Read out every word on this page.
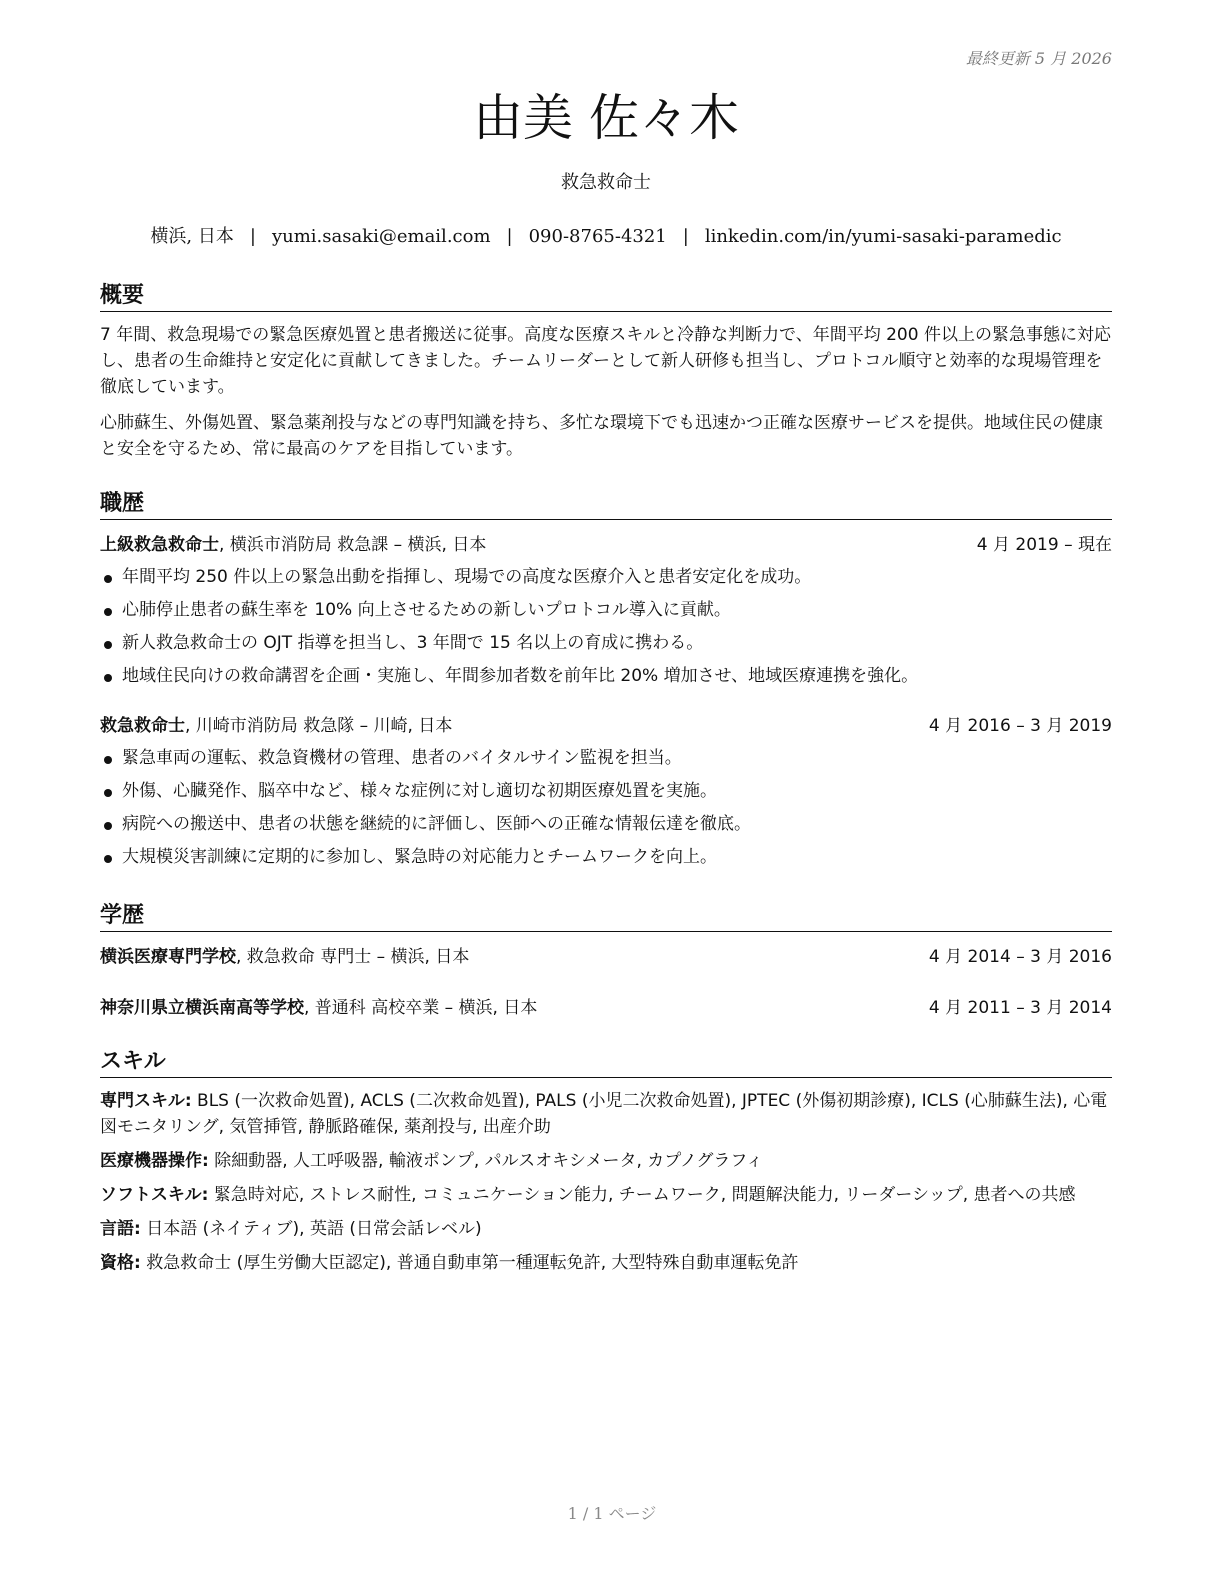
最終更新 5 月 2026
由美 佐々木
救急救命士
横浜, 日本 | yumi.sasaki@email.com | 090-8765-4321 | linkedin.com/in/yumi-sasaki-paramedic
概要

7 年間、救急現場での緊急医療処置と患者搬送に従事。高度な医療スキルと冷静な判断力で、年間平均 200 件以上の緊急事態に対応し、患者の生命維持と安定化に貢献してきました。チームリーダーとして新人研修も担当し、プロトコル順守と効率的な現場管理を徹底しています。

心肺蘇生、外傷処置、緊急薬剤投与などの専門知識を持ち、多忙な環境下でも迅速かつ正確な医療サービスを提供。地域住民の健康と安全を守るため、常に最高のケアを目指しています。

職歴
上級救急救命士, 横浜市消防局 救急課 – 横浜, 日本	4 月 2019 – 現在
年間平均 250 件以上の緊急出動を指揮し、現場での高度な医療介入と患者安定化を成功。
心肺停止患者の蘇生率を 10% 向上させるための新しいプロトコル導入に貢献。
新人救急救命士の OJT 指導を担当し、3 年間で 15 名以上の育成に携わる。
地域住民向けの救命講習を企画・実施し、年間参加者数を前年比 20% 増加させ、地域医療連携を強化。
救急救命士, 川崎市消防局 救急隊 – 川崎, 日本	4 月 2016 – 3 月 2019
緊急車両の運転、救急資機材の管理、患者のバイタルサイン監視を担当。
外傷、心臓発作、脳卒中など、様々な症例に対し適切な初期医療処置を実施。
病院への搬送中、患者の状態を継続的に評価し、医師への正確な情報伝達を徹底。
大規模災害訓練に定期的に参加し、緊急時の対応能力とチームワークを向上。
学歴
横浜医療専門学校, 救急救命 専門士 – 横浜, 日本	4 月 2014 – 3 月 2016
神奈川県立横浜南高等学校, 普通科 高校卒業 – 横浜, 日本	4 月 2011 – 3 月 2014
スキル
専門スキル: BLS (一次救命処置), ACLS (二次救命処置), PALS (小児二次救命処置), JPTEC (外傷初期診療), ICLS (心肺蘇生法), 心電図モニタリング, 気管挿管, 静脈路確保, 薬剤投与, 出産介助
医療機器操作: 除細動器, 人工呼吸器, 輸液ポンプ, パルスオキシメータ, カプノグラフィ
ソフトスキル: 緊急時対応, ストレス耐性, コミュニケーション能力, チームワーク, 問題解決能力, リーダーシップ, 患者への共感
言語: 日本語 (ネイティブ), 英語 (日常会話レベル)
資格: 救急救命士 (厚生労働大臣認定), 普通自動車第一種運転免許, 大型特殊自動車運転免許
1 / 1 ページ
